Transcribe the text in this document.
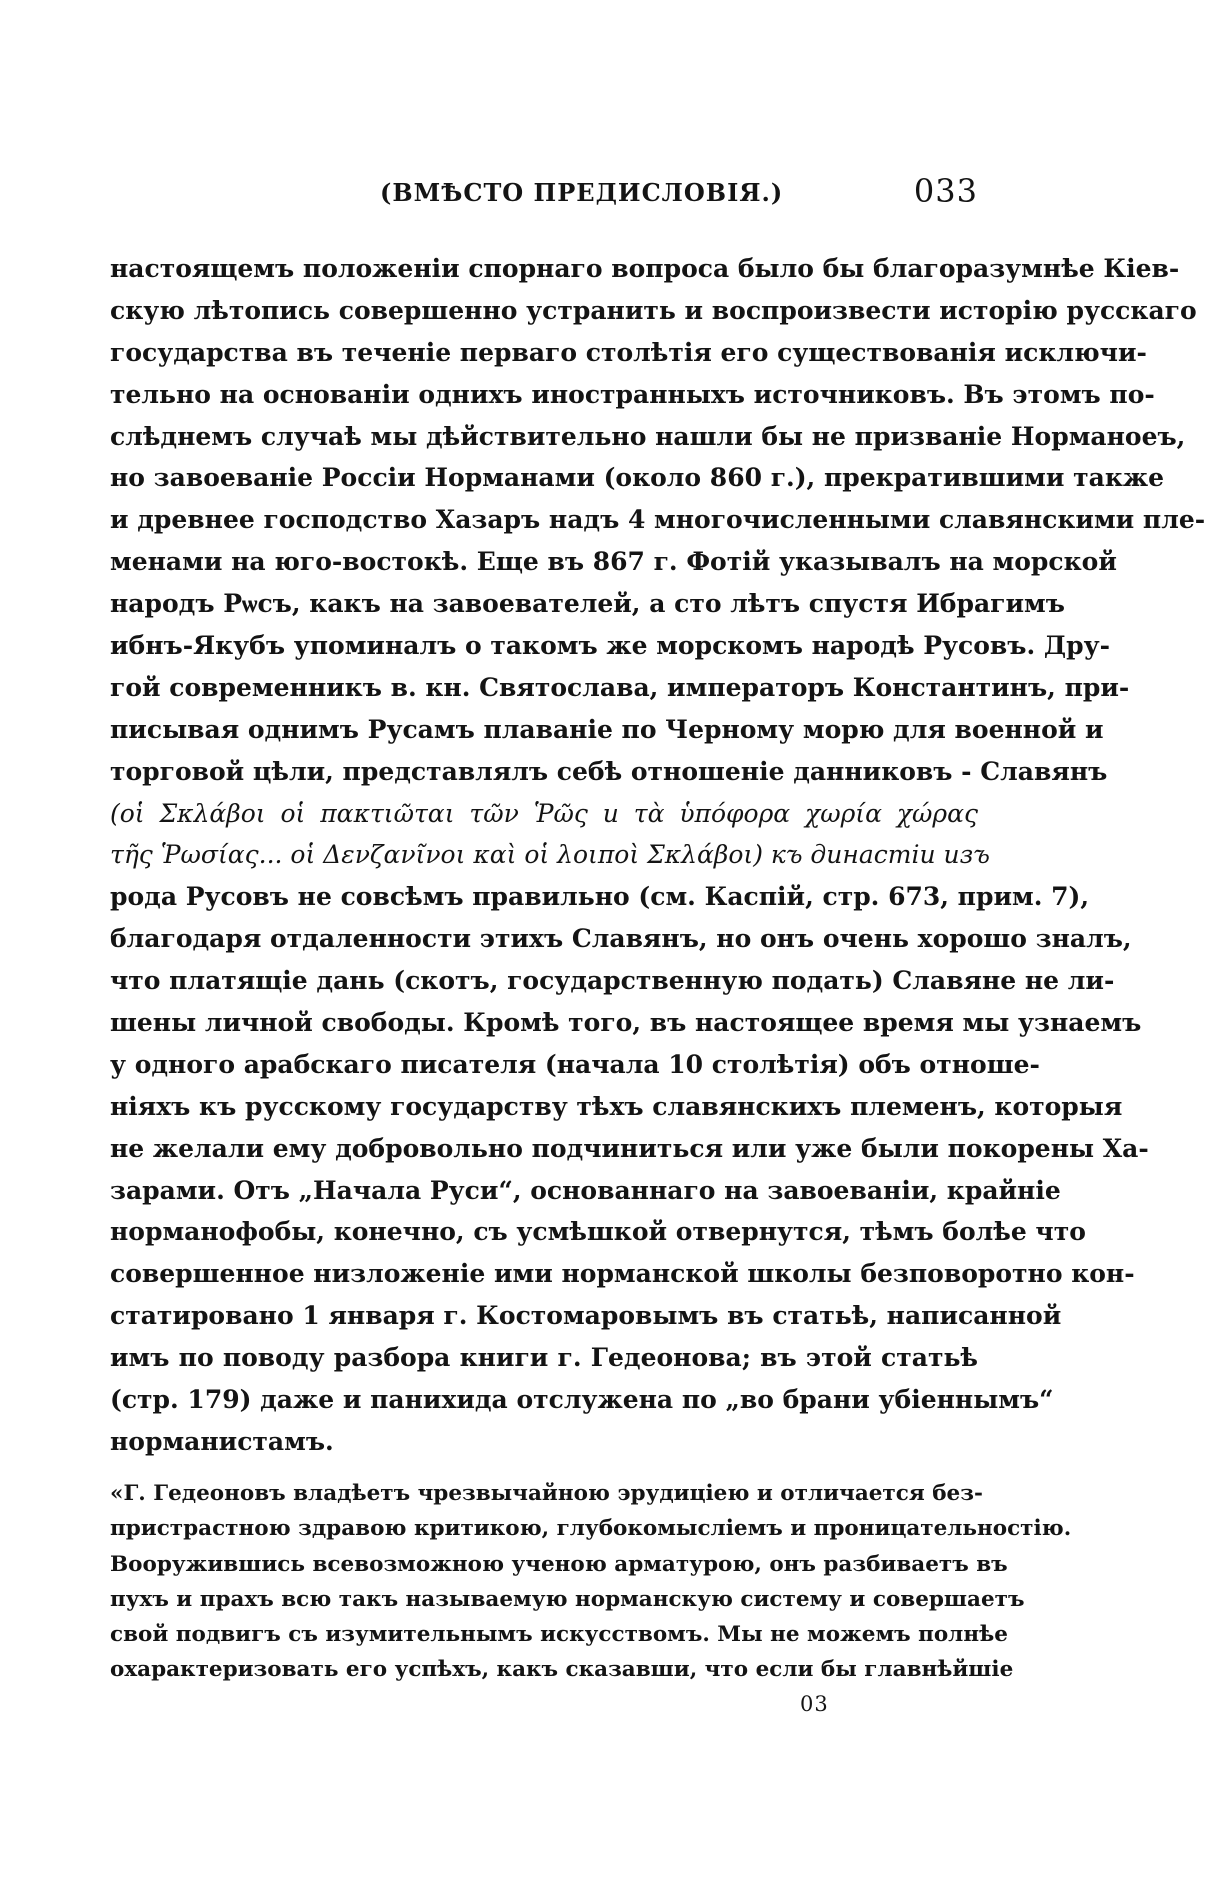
(ВМѢСТО ПРЕДИСЛОВІЯ.)	033
настоящемъ положеніи спорнаго вопроса было бы благоразумнѣе Кіев-
скую лѣтопись совершенно устранить и воспроизвести исторію русскаго
государства въ теченіе перваго столѣтія его существованія исключи-
тельно на основаніи однихъ иностранныхъ источниковъ. Въ этомъ по-
слѣднемъ случаѣ мы дѣйствительно нашли бы не призваніе Норманоеъ,
но завоеваніе Россіи Норманами (около 860 г.), прекратившими также
и древнее господство Хазаръ надъ 4 многочисленными славянскими пле-
менами на юго-востокѣ. Еще въ 867 г. Фотій указывалъ на морской
народъ Рѡсъ, какъ на завоевателей, а сто лѣтъ спустя Ибрагимъ
ибнъ-Якубъ упоминалъ о такомъ же морскомъ народѣ Русовъ. Дру-
гой современникъ в. кн. Святослава, императоръ Константинъ, при-
писывая однимъ Русамъ плаваніе по Черному морю для военной и
торговой цѣли, представлялъ себѣ отношеніе данниковъ - Славянъ
(οἱ Σκλάβοι οἱ πακτιῶται τῶν Ῥῶς и τὰ ὑπόφορα χωρία χώρας
τῆς Ῥωσίας... οἱ Δενζανῖνοι καὶ οἱ λοιποὶ Σκλάβοι) къ династіи изъ
рода Русовъ не совсѣмъ правильно (см. Каспій, стр. 673, прим. 7),
благодаря отдаленности этихъ Славянъ, но онъ очень хорошо зналъ,
что платящіе дань (скотъ, государственную подать) Славяне не ли-
шены личной свободы. Кромѣ того, въ настоящее время мы узнаемъ
у одного арабскаго писателя (начала 10 столѣтія) объ отноше-
ніяхъ къ русскому государству тѣхъ славянскихъ племенъ, которыя
не желали ему добровольно подчиниться или уже были покорены Ха-
зарами. Отъ „Начала Руси“, основаннаго на завоеваніи, крайніе
норманофобы, конечно, съ усмѣшкой отвернутся, тѣмъ болѣе что
совершенное низложеніе ими норманской школы безповоротно кон-
статировано 1 января г. Костомаровымъ въ статьѣ, написанной
имъ по поводу разбора книги г. Гедеонова; въ этой статьѣ
(стр. 179) даже и панихида отслужена по „во брани убіеннымъ“
норманистамъ.
«Г. Гедеоновъ владѣетъ чрезвычайною эрудиціею и отличается без-
пристрастною здравою критикою, глубокомысліемъ и проницательностію.
Вооружившись всевозможною ученою арматурою, онъ разбиваетъ въ
пухъ и прахъ всю такъ называемую норманскую систему и совершаетъ
свой подвигъ съ изумительнымъ искусствомъ. Мы не можемъ полнѣе
охарактеризовать его успѣхъ, какъ сказавши, что если бы главнѣйшіе
03
